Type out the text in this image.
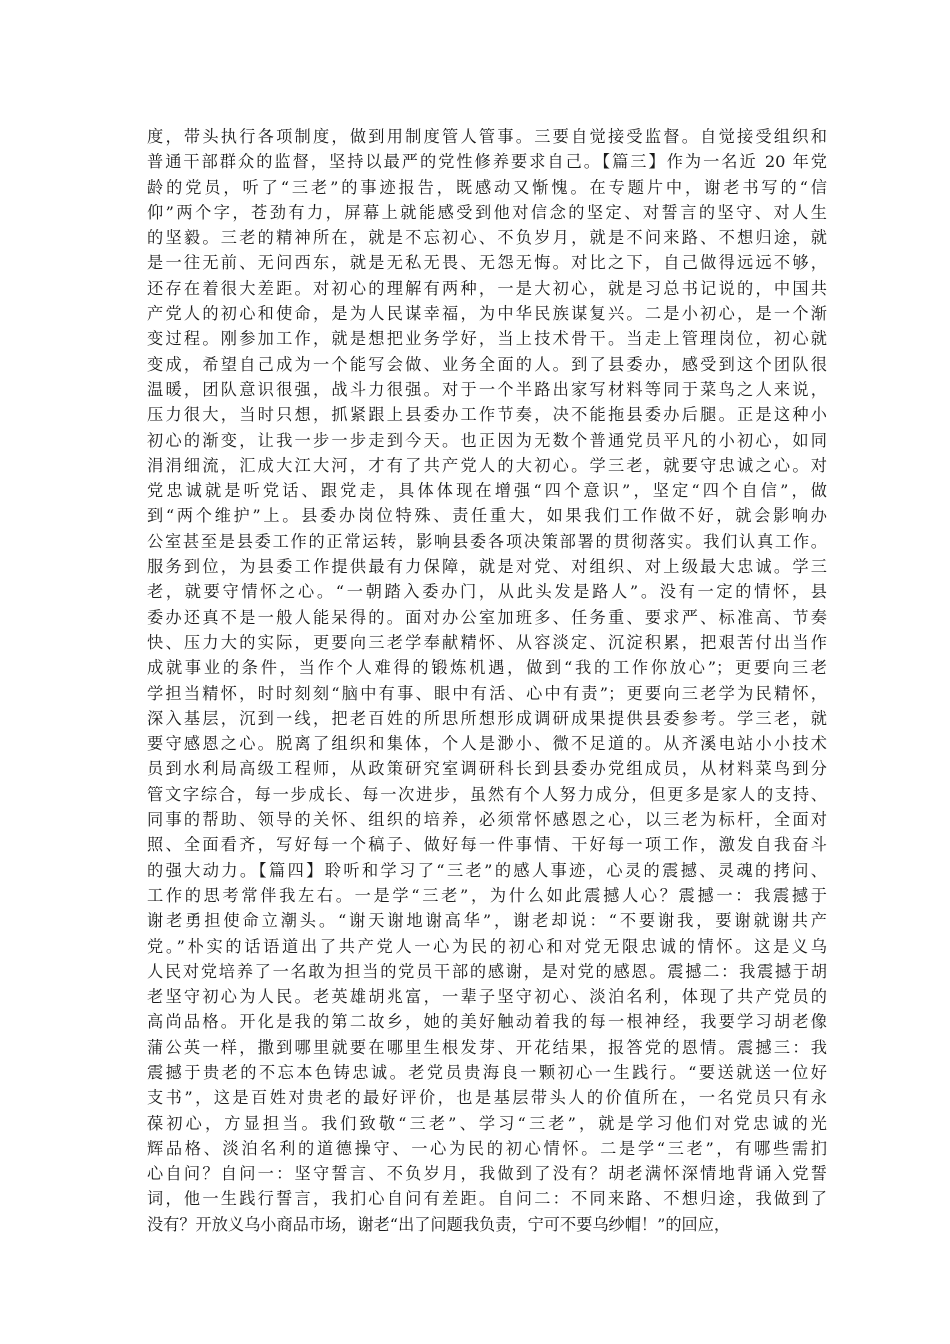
度，带头执行各项制度，做到用制度管人管事。三要自觉接受监督。自觉接受组织和
普通干部群众的监督，坚持以最严的党性修养要求自己。【篇三】作为一名近 20 年党
龄的党员，听了“三老”的事迹报告，既感动又惭愧。在专题片中，谢老书写的“信
仰”两个字，苍劲有力，屏幕上就能感受到他对信念的坚定、对誓言的坚守、对人生
的坚毅。三老的精神所在，就是不忘初心、不负岁月，就是不问来路、不想归途，就
是一往无前、无问西东，就是无私无畏、无怨无悔。对比之下，自己做得远远不够，
还存在着很大差距。对初心的理解有两种，一是大初心，就是习总书记说的，中国共
产党人的初心和使命，是为人民谋幸福，为中华民族谋复兴。二是小初心，是一个渐
变过程。刚参加工作，就是想把业务学好，当上技术骨干。当走上管理岗位，初心就
变成，希望自己成为一个能写会做、业务全面的人。到了县委办，感受到这个团队很
温暖，团队意识很强，战斗力很强。对于一个半路出家写材料等同于菜鸟之人来说，
压力很大，当时只想，抓紧跟上县委办工作节奏，决不能拖县委办后腿。正是这种小
初心的渐变，让我一步一步走到今天。也正因为无数个普通党员平凡的小初心，如同
涓涓细流，汇成大江大河，才有了共产党人的大初心。学三老，就要守忠诚之心。对
党忠诚就是听党话、跟党走，具体体现在增强“四个意识”，坚定“四个自信”，做
到“两个维护”上。县委办岗位特殊、责任重大，如果我们工作做不好，就会影响办
公室甚至是县委工作的正常运转，影响县委各项决策部署的贯彻落实。我们认真工作。
服务到位，为县委工作提供最有力保障，就是对党、对组织、对上级最大忠诚。学三
老，就要守情怀之心。“一朝踏入委办门，从此头发是路人”。没有一定的情怀，县
委办还真不是一般人能呆得的。面对办公室加班多、任务重、要求严、标准高、节奏
快、压力大的实际，更要向三老学奉献精怀、从容淡定、沉淀积累，把艰苦付出当作
成就事业的条件，当作个人难得的锻炼机遇，做到“我的工作你放心”；更要向三老
学担当精怀，时时刻刻“脑中有事、眼中有活、心中有责”；更要向三老学为民精怀，
深入基层，沉到一线，把老百姓的所思所想形成调研成果提供县委参考。学三老，就
要守感恩之心。脱离了组织和集体，个人是渺小、微不足道的。从齐溪电站小小技术
员到水利局高级工程师，从政策研究室调研科长到县委办党组成员，从材料菜鸟到分
管文字综合，每一步成长、每一次进步，虽然有个人努力成分，但更多是家人的支持、
同事的帮助、领导的关怀、组织的培养，必须常怀感恩之心，以三老为标杆，全面对
照、全面看齐，写好每一个稿子、做好每一件事情、干好每一项工作，激发自我奋斗
的强大动力。【篇四】聆听和学习了“三老”的感人事迹，心灵的震撼、灵魂的拷问、
工作的思考常伴我左右。一是学“三老”，为什么如此震撼人心？震撼一：我震撼于
谢老勇担使命立潮头。“谢天谢地谢高华”，谢老却说：“不要谢我，要谢就谢共产
党。”朴实的话语道出了共产党人一心为民的初心和对党无限忠诚的情怀。这是义乌
人民对党培养了一名敢为担当的党员干部的感谢，是对党的感恩。震撼二：我震撼于胡
老坚守初心为人民。老英雄胡兆富，一辈子坚守初心、淡泊名利，体现了共产党员的
高尚品格。开化是我的第二故乡，她的美好触动着我的每一根神经，我要学习胡老像
蒲公英一样，撒到哪里就要在哪里生根发芽、开花结果，报答党的恩情。震撼三：我
震撼于贵老的不忘本色铸忠诚。老党员贵海良一颗初心一生践行。“要送就送一位好
支书”，这是百姓对贵老的最好评价，也是基层带头人的价值所在，一名党员只有永
葆初心，方显担当。我们致敬“三老”、学习“三老”，就是学习他们对党忠诚的光
辉品格、淡泊名利的道德操守、一心为民的初心情怀。二是学“三老”，有哪些需扪
心自问？自问一：坚守誓言、不负岁月，我做到了没有？胡老满怀深情地背诵入党誓
词，他一生践行誓言，我扪心自问有差距。自问二：不同来路、不想归途，我做到了
没有？开放义乌小商品市场，谢老“出了问题我负责，宁可不要乌纱帽！”的回应，
